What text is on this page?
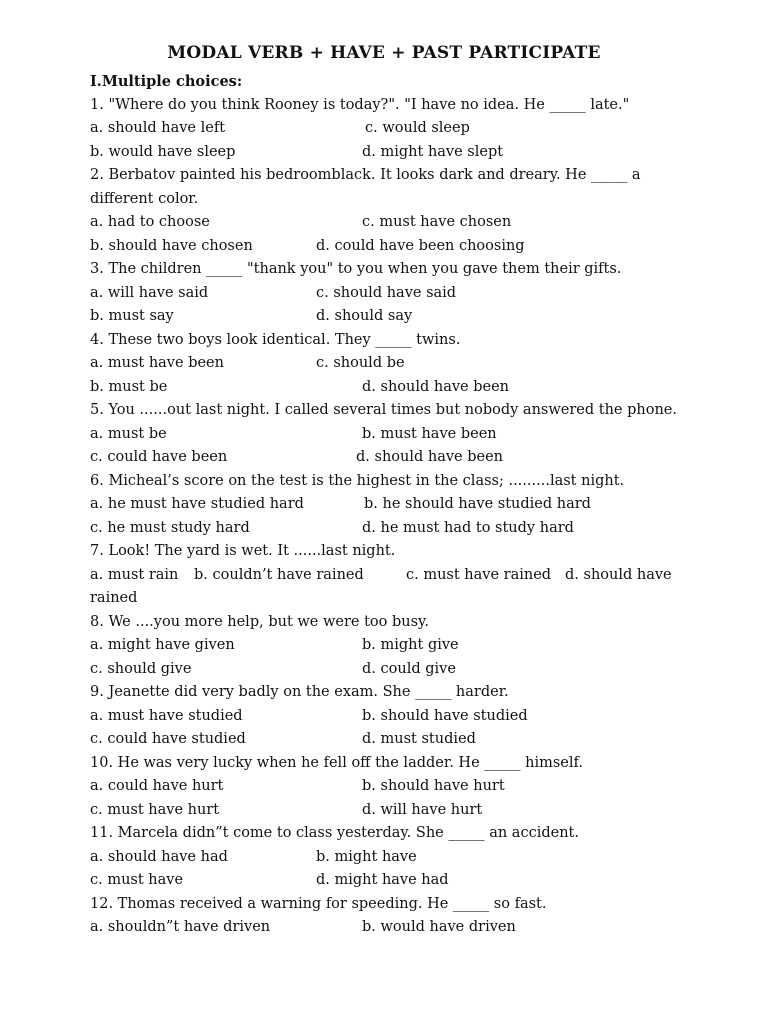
MODAL VERB + HAVE + PAST PARTICIPATE
I.Multiple choices:
1. "Where do you think Rooney is today?". "I have no idea. He _____ late."
a. should have left	c. would sleep
b. would have sleep	d. might have slept
2. Berbatov painted his bedroomblack. It looks dark and dreary. He _____ a
different color.
a. had to choose	c. must have chosen
b. should have chosen	d. could have been choosing
3. The children _____ "thank you" to you when you gave them their gifts.
a. will have said	c. should have said
b. must say	d. should say
4. These two boys look identical. They _____ twins.
a. must have been	c. should be
b. must be	d. should have been
5. You ......out last night. I called several times but nobody answered the phone.
a. must be	b. must have been
c. could have been	d. should have been
6. Micheal’s score on the test is the highest in the class; .........last night.
a. he must have studied hard	b. he should have studied hard
c. he must study hard	d. he must had to study hard
7. Look! The yard is wet. It ......last night.
a. must rain b. couldn’t have rained	c. must have rained d. should have
rained
8. We ....you more help, but we were too busy.
a. might have given	b. might give
c. should give	d. could give
9. Jeanette did very badly on the exam. She _____ harder.
a. must have studied	b. should have studied
c. could have studied	d. must studied
10. He was very lucky when he fell off the ladder. He _____ himself.
a. could have hurt	b. should have hurt
c. must have hurt	d. will have hurt
11. Marcela didn”t come to class yesterday. She _____ an accident.
a. should have had	b. might have
c. must have	d. might have had
12. Thomas received a warning for speeding. He _____ so fast.
a. shouldn”t have driven	b. would have driven
